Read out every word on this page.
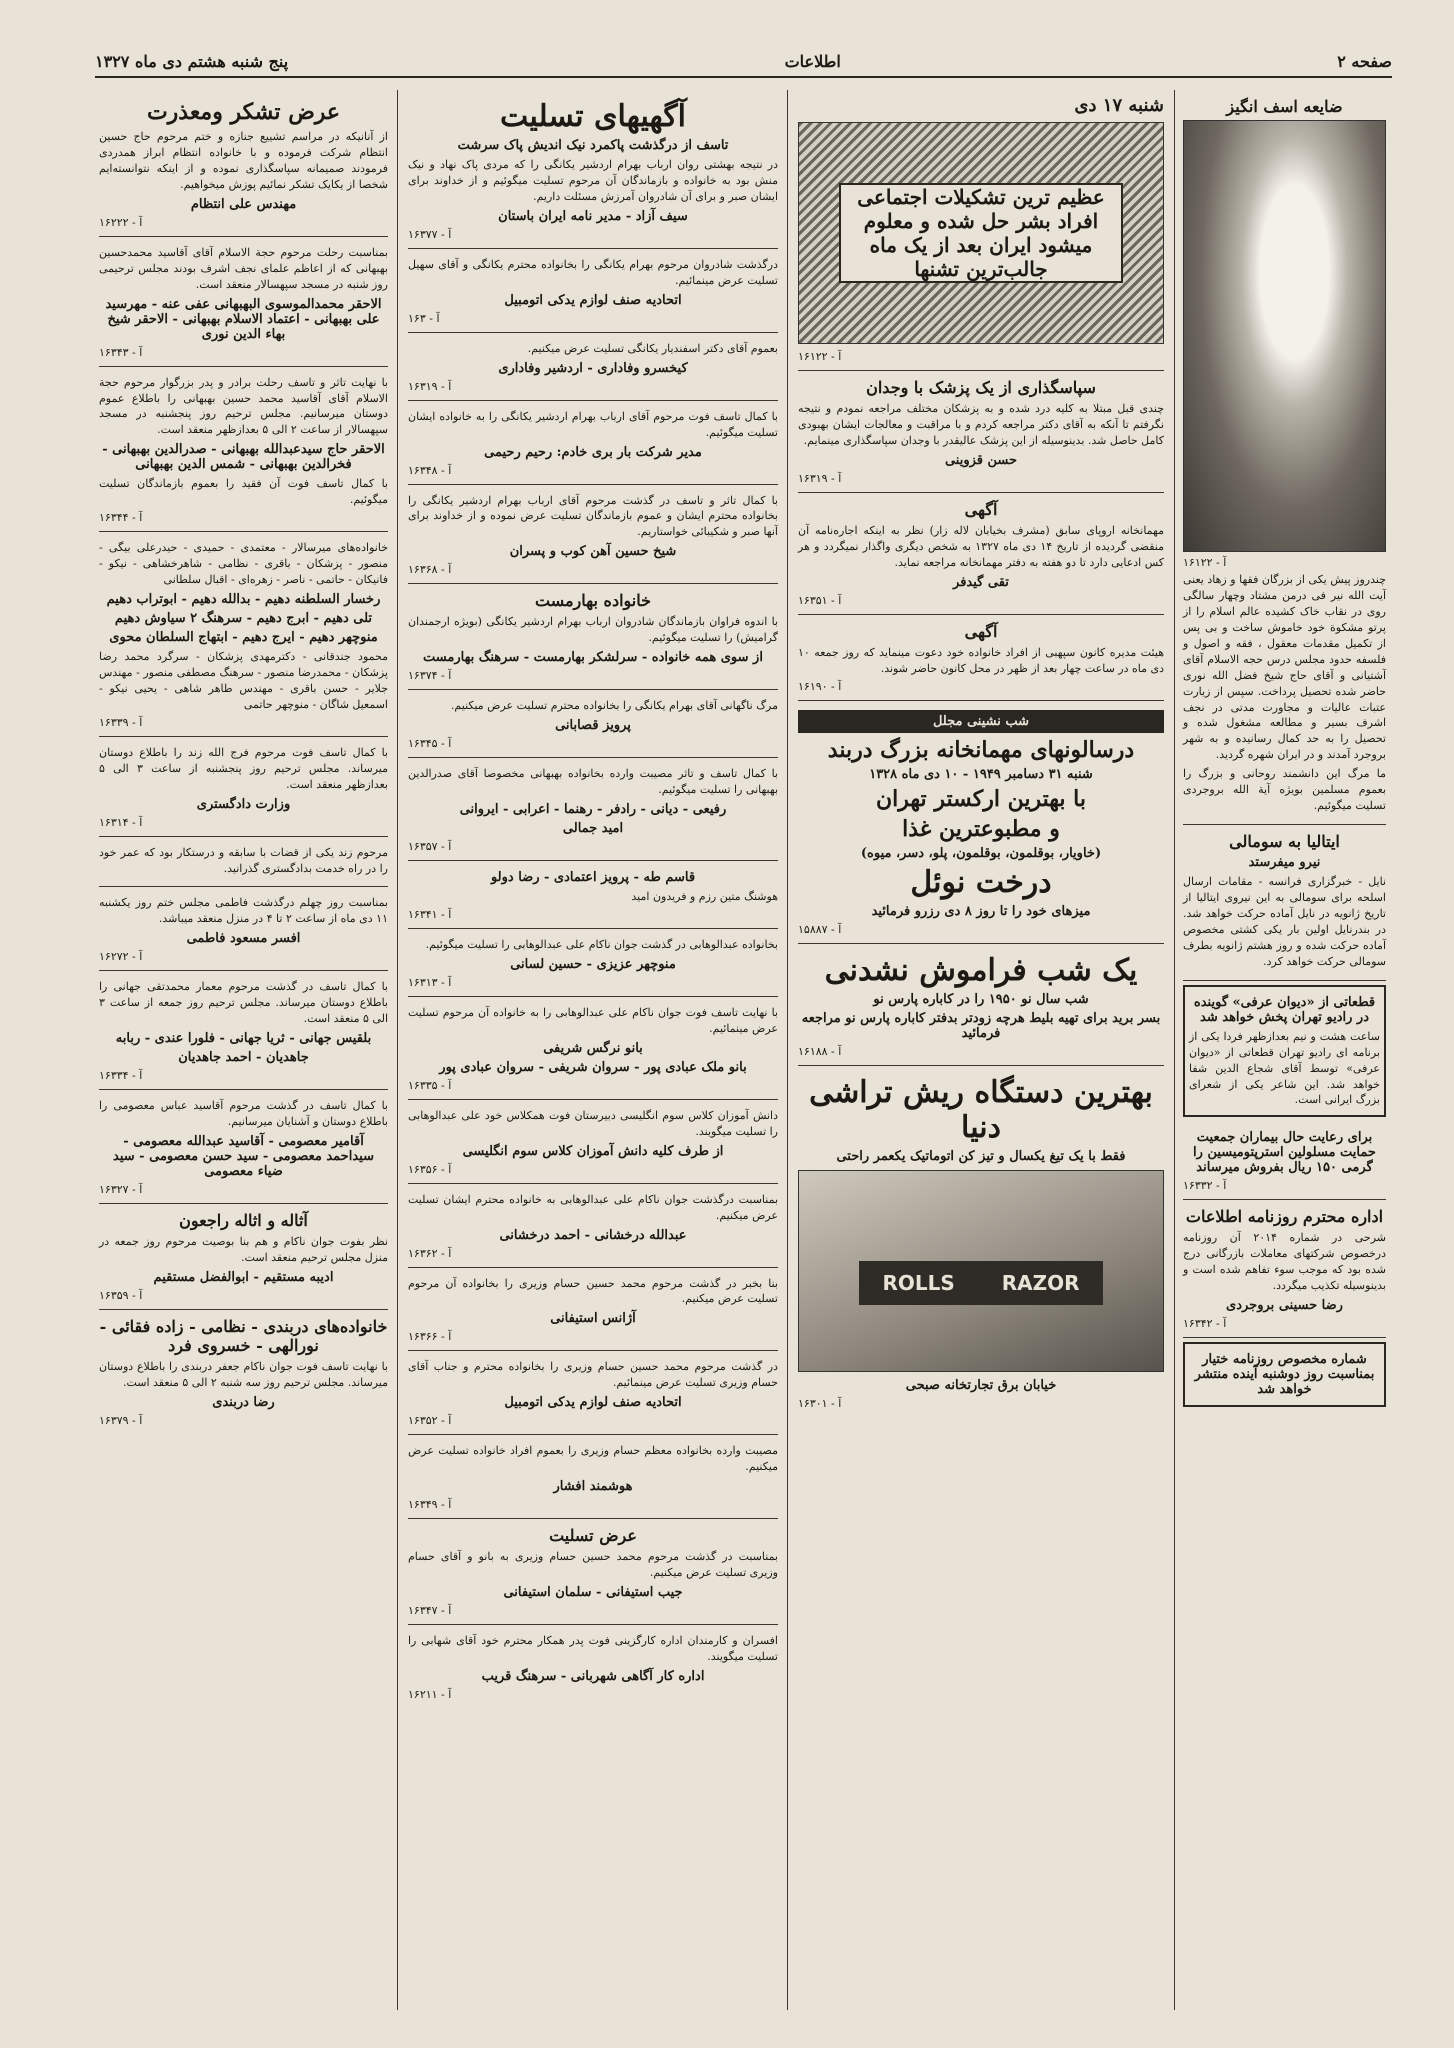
صفحه ۲
اطلاعات
پنج شنبه هشتم دی ماه ۱۳۲۷
ضایعه اسف انگیز
آ - ۱۶۱۲۲

چندروز پیش یکی از بزرگان فقها و زهاد یعنی آیت الله نیر فی درمن مشتاد وچهار سالگی روی در نقاب خاک کشیده عالم اسلام را از پرتو مشکوة خود خاموش ساخت و بی پس از تکمیل مقدمات معقول ، فقه و اصول و فلسفه حدود مجلس درس حجه الاسلام آقای آشتیانی و آقای حاج شیخ فضل الله نوری حاضر شده تحصیل پرداخت. سپس از زیارت عتبات عالیات و مجاورت مدتی در نجف اشرف بسیر و مطالعه مشغول شده و تحصیل را به حد کمال رسانیده و به شهر بروجرد آمدند و در ایران شهره گردید.

ما مرگ این دانشمند روحانی و بزرگ را بعموم مسلمین بویژه آیة الله بروجردی تسلیت میگوئیم.

ایتالیا به سومالی
نیرو میفرستد

نایل - خبرگزاری فرانسه - مقامات ارسال اسلحه برای سومالی به این نیروی ایتالیا از تاریخ ژانویه در نایل آماده حرکت خواهد شد. در بندرنایل اولین بار یکی کشتی مخصوص آماده حرکت شده و روز هشتم ژانویه بطرف سومالی حرکت خواهد کرد.

قطعاتی از «دیوان عرفی» گوینده در رادیو تهران پخش خواهد شد

ساعت هشت و نیم بعدازظهر فردا یکی از برنامه ای رادیو تهران قطعاتی از «دیوان عرفی» توسط آقای شجاع الدین شفا خواهد شد. این شاعر یکی از شعرای بزرگ ایرانی است.

برای رعایت حال بیماران جمعیت حمایت مسلولین استرپتومیسین را گرمی ۱۵۰ ریال بفروش میرساند
آ - ۱۶۳۳۲
اداره محترم روزنامه اطلاعات

شرحی در شماره ۲۰۱۴ آن روزنامه درخصوص شرکتهای معاملات بازرگانی درج شده بود که موجب سوء تفاهم شده است و بدینوسیله تکذیب میگردد.

رضا حسینی بروجردی
آ - ۱۶۳۴۲
شماره مخصوص روزنامه ختیار بمناسبت روز دوشنبه آینده منتشر خواهد شد
شنبه ۱۷ دی
عظیم ترین تشکیلات اجتماعی افراد بشر حل شده و معلوم میشود ایران بعد از یک ماه جالب‌ترین تشنها
آ - ۱۶۱۲۲
سپاسگذاری از یک پزشک با وجدان

چندی قبل مبتلا به کلیه درد شده و به پزشکان مختلف مراجعه نمودم و نتیجه نگرفتم تا آنکه به آقای دکتر مراجعه کردم و با مراقبت و معالجات ایشان بهبودی کامل حاصل شد. بدینوسیله از این پزشک عالیقدر با وجدان سپاسگذاری مینمایم.

حسن قزوینی
آ - ۱۶۳۱۹
آگهی

مهمانخانه اروپای سابق (مشرف بخیابان لاله زار) نظر به اینکه اجاره‌نامه آن منقضی گردیده از تاریخ ۱۴ دی ماه ۱۳۲۷ به شخص دیگری واگذار نمیگردد و هر کس ادعایی دارد تا دو هفته به دفتر مهمانخانه مراجعه نماید.

تقی گیدفر
آ - ۱۶۳۵۱
آگهی

هیئت مدیره کانون سپهبی از افراد خانواده خود دعوت مینماید که روز جمعه ۱۰ دی ماه در ساعت چهار بعد از ظهر در محل کانون حاضر شوند.

آ - ۱۶۱۹۰
شب نشینی مجلل
درسالونهای مهمانخانه بزرگ دربند
شنبه ۳۱ دسامبر ۱۹۴۹ - ۱۰ دی ماه ۱۳۲۸
با بهترین ارکستر تهران
و مطبوعترین غذا
(خاویار، بوقلمون، بوقلمون، پلو، دسر، میوه)
درخت نوئل
میزهای خود را تا روز ۸ دی رزرو فرمائید
آ - ۱۵۸۸۷
یک شب فراموش نشدنی
شب سال نو ۱۹۵۰ را در کاباره پارس نو
بسر برید برای تهیه بلیط هرچه زودتر بدفتر کاباره پارس نو مراجعه فرمائید
آ - ۱۶۱۸۸
بهترین دستگاه ریش تراشی دنیا
فقط با یک تیغ یکسال و تیز کن اتوماتیک یکعمر راحتی
ROLLS RAZOR
خیابان برق تجارتخانه صبحی
آ - ۱۶۳۰۱
آگهیهای تسلیت
تاسف از درگذشت پاکمرد نیک اندیش پاک سرشت

در نتیجه بهشتی روان ارباب بهرام اردشیر یکانگی را که مردی پاک نهاد و نیک منش بود به خانواده و بازماندگان آن مرحوم تسلیت میگوئیم و از خداوند برای ایشان صبر و برای آن شادروان آمرزش مسئلت داریم.

سیف آزاد - مدیر نامه ایران باستان
آ - ۱۶۳۷۷

درگذشت شادروان مرحوم بهرام یکانگی را بخانواده محترم یکانگی و آقای سهیل تسلیت عرض مینمائیم.

اتحادیه صنف لوازم یدکی اتومبیل
آ - ۱۶۳

بعموم آقای دکتر اسفندیار یکانگی تسلیت عرض میکنیم.

کیخسرو وفاداری - اردشیر وفاداری
آ - ۱۶۳۱۹

با کمال تاسف فوت مرحوم آقای ارباب بهرام اردشیر یکانگی را به خانواده ایشان تسلیت میگوئیم.

مدیر شرکت بار بری خادم: رحیم رحیمی
آ - ۱۶۳۴۸

با کمال تاثر و تاسف در گذشت مرحوم آقای ارباب بهرام اردشیر یکانگی را بخانواده محترم ایشان و عموم بازماندگان تسلیت عرض نموده و از خداوند برای آنها صبر و شکیبائی خواستاریم.

شیخ حسین آهن کوب و پسران
آ - ۱۶۳۶۸
خانواده بهارمست

با اندوه فراوان بازماندگان شادروان ارباب بهرام اردشیر یکانگی (بویژه ارجمندان گرامیش) را تسلیت میگوئیم.

از سوی همه خانواده - سرلشکر بهارمست - سرهنگ بهارمست
آ - ۱۶۳۷۴

مرگ ناگهانی آقای بهرام یکانگی را بخانواده محترم تسلیت عرض میکنیم.

پرویز قصابانی
آ - ۱۶۳۴۵

با کمال تاسف و تاثر مصیبت وارده بخانواده بهبهانی مخصوصا آقای صدرالدین بهبهانی را تسلیت میگوئیم.

رفیعی - دیانی - رادفر - رهنما - اعرابی - ایروانی
امید جمالی
آ - ۱۶۳۵۷
قاسم طه - پرویز اعتمادی - رضا دولو

هوشنگ متین رزم و فریدون امید

آ - ۱۶۳۴۱

بخانواده عبدالوهابی در گذشت جوان ناکام علی عبدالوهابی را تسلیت میگوئیم.

منوچهر عزیزی - حسین لسانی
آ - ۱۶۳۱۳

با نهایت تاسف فوت جوان ناکام علی عبدالوهابی را به خانواده آن مرحوم تسلیت عرض مینمائیم.

بانو نرگس شریفی
بانو ملک عبادی پور - سروان شریفی - سروان عبادی پور
آ - ۱۶۳۳۵

دانش آموزان کلاس سوم انگلیسی دبیرستان فوت همکلاس خود علی عبدالوهابی را تسلیت میگویند.

از طرف کلیه دانش آموزان کلاس سوم انگلیسی
آ - ۱۶۳۵۶

بمناسبت درگذشت جوان ناکام علی عبدالوهابی به خانواده محترم ایشان تسلیت عرض میکنیم.

عبدالله درخشانی - احمد درخشانی
آ - ۱۶۳۶۲

بنا بخبر در گذشت مرحوم محمد حسین حسام وزیری را بخانواده آن مرحوم تسلیت عرض میکنیم.

آژانس استیفانی
آ - ۱۶۳۶۶

در گذشت مرحوم محمد حسین حسام وزیری را بخانواده محترم و جناب آقای حسام وزیری تسلیت عرض مینمائیم.

اتحادیه صنف لوازم یدکی اتومبیل
آ - ۱۶۳۵۲

مصیبت وارده بخانواده معظم حسام وزیری را بعموم افراد خانواده تسلیت عرض میکنیم.

هوشمند افشار
آ - ۱۶۳۴۹
عرض تسلیت

بمناسبت در گذشت مرحوم محمد حسین حسام وزیری به بانو و آقای حسام وزیری تسلیت عرض میکنیم.

جیب استیفانی - سلمان استیفانی
آ - ۱۶۳۴۷

افسران و کارمندان اداره کارگزینی فوت پدر همکار محترم خود آقای شهابی را تسلیت میگویند.

اداره کار آگاهی شهربانی - سرهنگ قریب
آ - ۱۶۲۱۱
عرض تشکر ومعذرت

از آنانیکه در مراسم تشییع جنازه و ختم مرحوم حاج حسین انتظام شرکت فرموده و با خانواده انتظام ابراز همدردی فرمودند صمیمانه سپاسگذاری نموده و از اینکه نتوانسته‌ایم شخصا از یکایک تشکر نمائیم پوزش میخواهیم.

مهندس علی انتظام
آ - ۱۶۲۲۲

بمناسبت رحلت مرحوم حجة الاسلام آقای آقاسید محمدحسین بهبهانی که از اعاظم علمای نجف اشرف بودند مجلس ترحیمی روز شنبه در مسجد سپهسالار منعقد است.

الاحقر محمدالموسوی البهبهانی عفی عنه - مهرسید علی بهبهانی - اعتماد الاسلام بهبهانی - الاحقر شیخ بهاء الدین نوری
آ - ۱۶۳۴۳

با نهایت تاثر و تاسف رحلت برادر و پدر بزرگوار مرحوم حجة الاسلام آقای آقاسید محمد حسین بهبهانی را باطلاع عموم دوستان میرسانیم. مجلس ترحیم روز پنجشنبه در مسجد سپهسالار از ساعت ۲ الی ۵ بعدازظهر منعقد است.

الاحقر حاج سیدعبدالله بهبهانی - صدرالدین بهبهانی - فخرالدین بهبهانی - شمس الدین بهبهانی

با کمال تاسف فوت آن فقید را بعموم بازماندگان تسلیت میگوئیم.

آ - ۱۶۳۴۴

خانواده‌های میرسالار - معتمدی - حمیدی - حیدرعلی بیگی - منصور - پزشکان - باقری - نظامی - شاهرخشاهی - نیکو - فانیکان - حاتمی - ناصر - زهره‌ای - اقبال سلطانی

رخسار السلطنه دهیم - بدالله دهیم - ابوتراب دهیم
تلی دهیم - ابرج دهیم - سرهنگ ۲ سیاوش دهیم
منوچهر دهیم - ایرج دهیم - ابتهاج السلطان محوی

محمود جندقانی - دکترمهدی پزشکان - سرگرد محمد رضا پزشکان - محمدرضا منصور - سرهنگ مصطفی منصور - مهندس جلایر - حسن باقری - مهندس طاهر شاهی - یحیی نیکو - اسمعیل شاگان - منوچهر حاتمی

آ - ۱۶۳۳۹

با کمال تاسف فوت مرحوم فرج الله زند را باطلاع دوستان میرساند. مجلس ترحیم روز پنجشنبه از ساعت ۳ الی ۵ بعدازظهر منعقد است.

وزارت دادگستری
آ - ۱۶۳۱۴

مرحوم زند یکی از قضات با سابقه و درستکار بود که عمر خود را در راه خدمت بدادگستری گذرانید.

بمناسبت روز چهلم درگذشت فاطمی مجلس ختم روز یکشنبه ۱۱ دی ماه از ساعت ۲ تا ۴ در منزل منعقد میباشد.

افسر مسعود فاطمی
آ - ۱۶۲۷۲

با کمال تاسف در گذشت مرحوم معمار محمدتقی جهانی را باطلاع دوستان میرساند. مجلس ترحیم روز جمعه از ساعت ۳ الی ۵ منعقد است.

بلقیس جهانی - ثریا جهانی - فلورا عندی - ربابه
جاهدیان - احمد جاهدیان
آ - ۱۶۳۳۴

با کمال تاسف در گذشت مرحوم آقاسید عباس معصومی را باطلاع دوستان و آشنایان میرسانیم.

آقامیر معصومی - آقاسید عبدالله معصومی - سیداحمد معصومی - سید حسن معصومی - سید ضیاء معصومی
آ - ۱۶۳۲۷
آثاله و اثاله راجعون

نظر بفوت جوان ناکام و هم بنا بوصیت مرحوم روز جمعه در منزل مجلس ترحیم منعقد است.

ادیبه مستقیم - ابوالفضل مستقیم
آ - ۱۶۳۵۹
خانواده‌های دربندی - نظامی - زاده فقائی - نورالهی - خسروی فرد

با نهایت تاسف فوت جوان ناکام جعفر دربندی را باطلاع دوستان میرساند. مجلس ترحیم روز سه شنبه ۲ الی ۵ منعقد است.

رضا دربندی
آ - ۱۶۳۷۹
